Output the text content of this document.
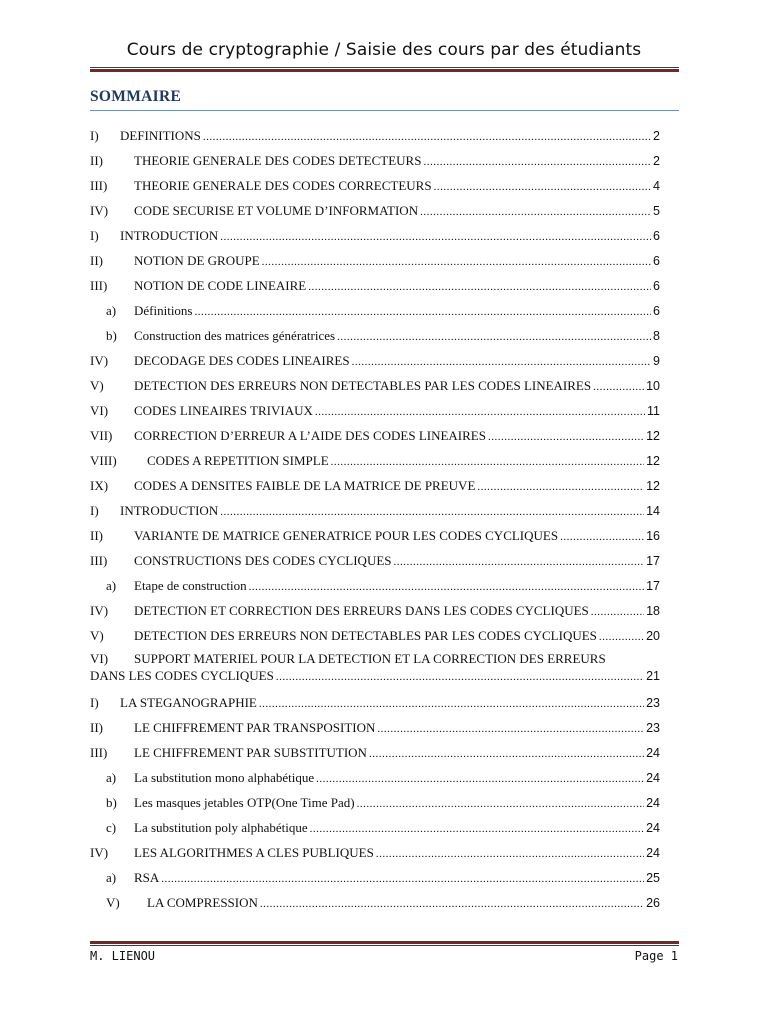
Cours de cryptographie / Saisie des cours par des étudiants
SOMMAIRE
I)	DEFINITIONS .....	2
II)	THEORIE GENERALE DES CODES DETECTEURS .....	2
III)	THEORIE GENERALE DES CODES CORRECTEURS .....	4
IV)	CODE SECURISE ET VOLUME D’INFORMATION .....	5
I)	INTRODUCTION .....	6
II)	NOTION DE GROUPE .....	6
III)	NOTION DE CODE LINEAIRE .....	6
a)	Définitions .....	6
b)	Construction des matrices génératrices .....	8
IV)	DECODAGE DES CODES LINEAIRES .....	9
V)	DETECTION DES ERREURS NON DETECTABLES PAR LES CODES LINEAIRES .....	10
VI)	CODES LINEAIRES TRIVIAUX .....	11
VII)	CORRECTION D’ERREUR A L’AIDE DES CODES LINEAIRES .....	12
VIII)	CODES A REPETITION SIMPLE .....	12
IX)	CODES A DENSITES FAIBLE DE LA MATRICE DE PREUVE .....	12
I)	INTRODUCTION .....	14
II)	VARIANTE DE MATRICE GENERATRICE POUR LES CODES CYCLIQUES .....	16
III)	CONSTRUCTIONS DES CODES CYCLIQUES .....	17
a)	Etape de construction .....	17
IV)	DETECTION ET CORRECTION DES ERREURS DANS LES CODES CYCLIQUES .....	18
V)	DETECTION DES ERREURS NON DETECTABLES PAR LES CODES CYCLIQUES .....	20
VI) SUPPORT MATERIEL POUR LA DETECTION ET LA CORRECTION DES ERREURS
DANS LES CODES CYCLIQUES .....	21
I)	LA STEGANOGRAPHIE .....	23
II)	LE CHIFFREMENT PAR TRANSPOSITION .....	23
III)	LE CHIFFREMENT PAR SUBSTITUTION .....	24
a)	La substitution mono alphabétique .....	24
b)	Les masques jetables OTP(One Time Pad) .....	24
c)	La substitution poly alphabétique .....	24
IV)	LES ALGORITHMES A CLES PUBLIQUES .....	24
a)	RSA .....	25
V)	LA COMPRESSION .....	26
M. LIENOU	Page 1
